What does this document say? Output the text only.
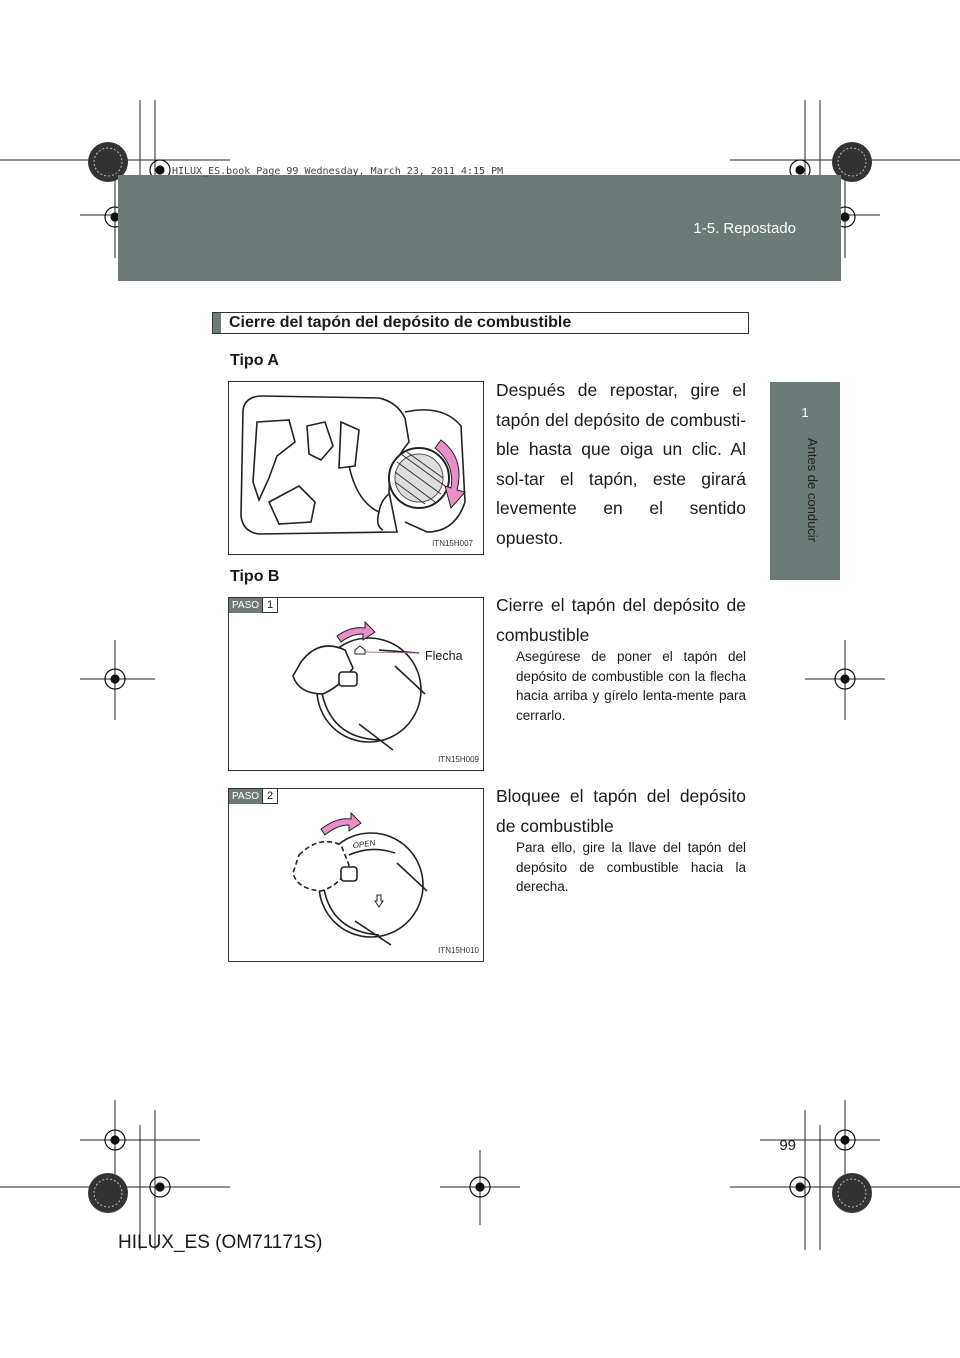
HILUX_ES.book Page 99 Wednesday, March 23, 2011 4:15 PM
1-5. Repostado
1
Antes de conducir
Cierre del tapón del depósito de combustible
Tipo A
ITN15H007
Después de repostar, gire el tapón del depósito de combusti-ble hasta que oiga un clic. Al sol-tar el tapón, este girará levemente en el sentido opuesto.
Tipo B
PASO 1
Flecha
ITN15H009
Cierre el tapón del depósito de combustible
Asegúrese de poner el tapón del depósito de combustible con la flecha hacia arriba y gírelo lenta-mente para cerrarlo.
PASO 2
OPEN
ITN15H010
Bloquee el tapón del depósito de combustible
Para ello, gire la llave del tapón del depósito de combustible hacia la derecha.
99
HILUX_ES (OM71171S)
